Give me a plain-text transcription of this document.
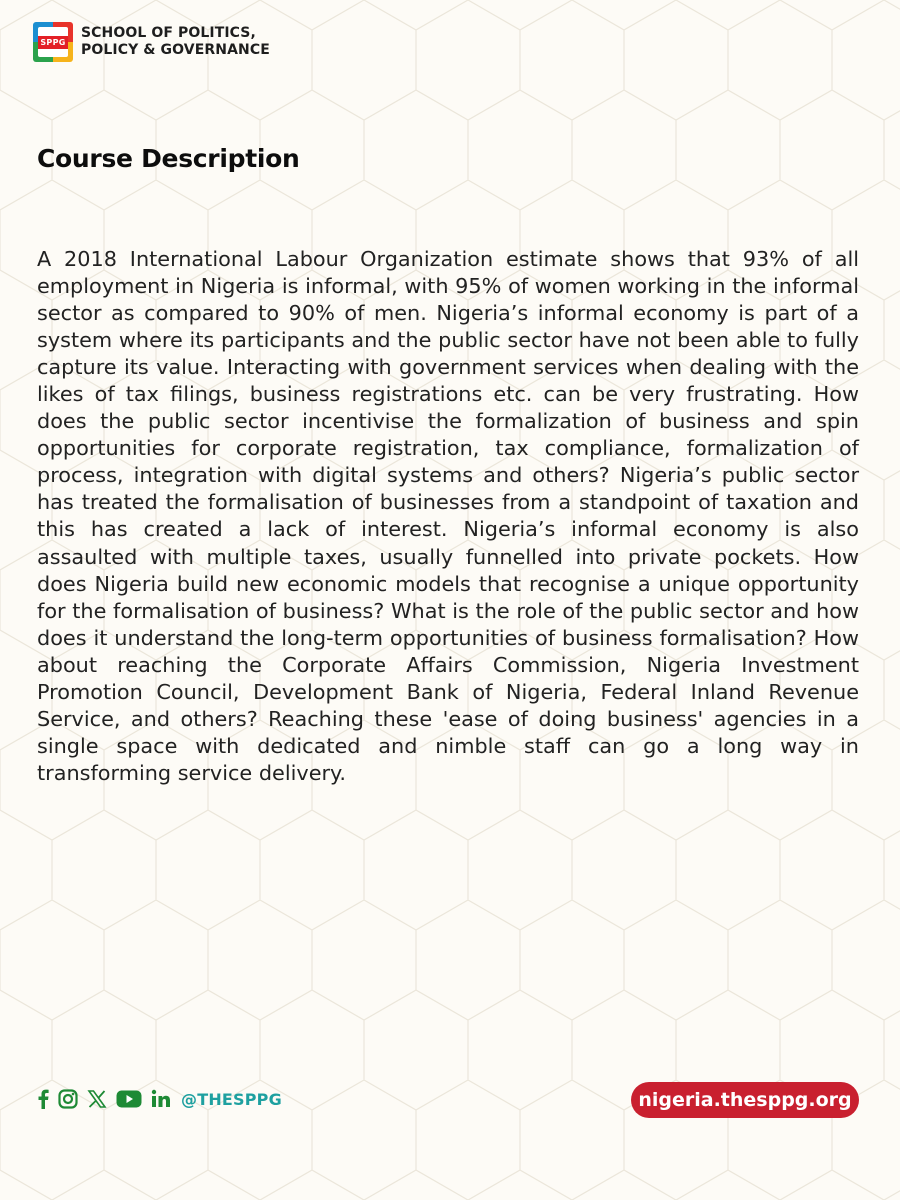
SPPG
SCHOOL OF POLITICS,
POLICY & GOVERNANCE
Course Description

A 2018 International Labour Organization estimate shows that 93% of all employment in Nigeria is informal, with 95% of women working in the informal sector as compared to 90% of men. Nigeria’s informal economy is part of a system where its participants and the public sector have not been able to fully capture its value. Interacting with government services when dealing with the likes of tax filings, business registrations etc. can be very frustrating. How does the public sector incentivise the formalization of business and spin opportunities for corporate registration, tax compliance, formalization of process, integration with digital systems and others? Nigeria’s public sector has treated the formalisation of businesses from a standpoint of taxation and this has created a lack of interest. Nigeria’s informal economy is also assaulted with multiple taxes, usually funnelled into private pockets. How does Nigeria build new economic models that recognise a unique opportunity for the formalisation of business? What is the role of the public sector and how does it understand the long-term opportunities of business formalisation? How about reaching the Corporate Affairs Commission, Nigeria Investment Promotion Council, Development Bank of Nigeria, Federal Inland Revenue Service, and others? Reaching these 'ease of doing business' agencies in a single space with dedicated and nimble staff can go a long way in transforming service delivery.

@THESPPG	nigeria.thesppg.org
